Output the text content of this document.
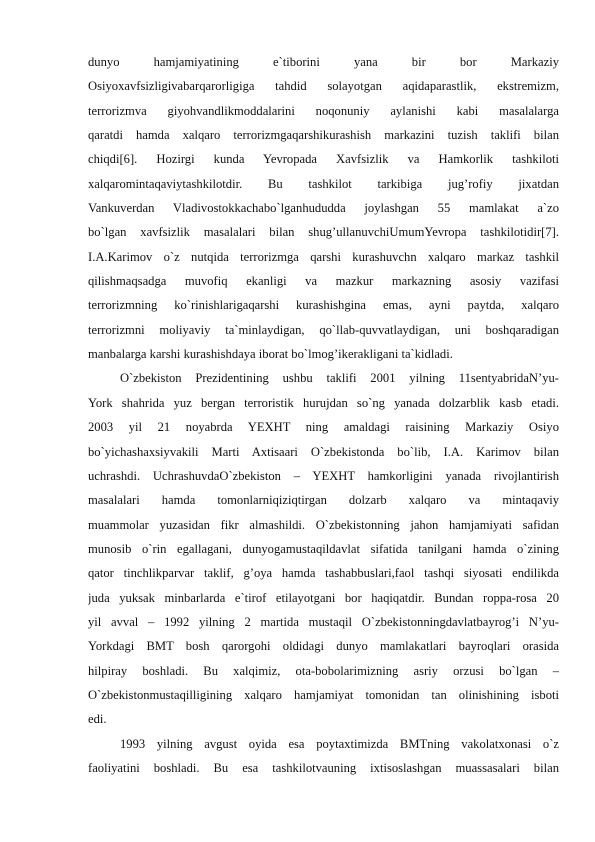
dunyo hamjamiyatining e`tiborini yana bir bor Markaziy
Osiyoxavfsizligivabarqarorligiga tahdid solayotgan aqidaparastlik, ekstremizm,
terrorizmva giyohvandlikmoddalarini noqonuniy aylanishi kabi masalalarga
qaratdi hamda xalqaro terrorizmgaqarshikurashish markazini tuzish taklifi bilan
chiqdi[6]. Hozirgi kunda Yevropada Xavfsizlik va Hamkorlik tashkiloti
xalqaromintaqaviytashkilotdir. Bu tashkilot tarkibiga jug’rofiy jixatdan
Vankuverdan Vladivostokkachabo`lganhududda joylashgan 55 mamlakat a`zo
bo`lgan xavfsizlik masalalari bilan shug’ullanuvchiUmumYevropa tashkilotidir[7].
I.A.Karimov o`z nutqida terrorizmga qarshi kurashuvchn xalqaro markaz tashkil
qilishmaqsadga muvofiq ekanligi va mazkur markazning asosiy vazifasi
terrorizmning ko`rinishlarigaqarshi kurashishgina emas, ayni paytda, xalqaro
terrorizmni moliyaviy ta`minlaydigan, qo`llab-quvvatlaydigan, uni boshqaradigan
manbalarga karshi kurashishdaya iborat bo`lmog’ikerakligani ta`kidladi.
O`zbekiston Prezidentining ushbu taklifi 2001 yilning 11sentyabridaN’yu-
York shahrida yuz bergan terroristik hurujdan so`ng yanada dolzarblik kasb etadi.
2003 yil 21 noyabrda YEXHT ning amaldagi raisining Markaziy Osiyo
bo`yichashaxsiyvakili Marti Axtisaari O`zbekistonda bo`lib, I.A. Karimov bilan
uchrashdi. UchrashuvdaO`zbekiston – YEXHT hamkorligini yanada rivojlantirish
masalalari hamda tomonlarniqiziqtirgan dolzarb xalqaro va mintaqaviy
muammolar yuzasidan fikr almashildi. O`zbekistonning jahon hamjamiyati safidan
munosib o`rin egallagani, dunyogamustaqildavlat sifatida tanilgani hamda o`zining
qator tinchlikparvar taklif, g’oya hamda tashabbuslari,faol tashqi siyosati endilikda
juda yuksak minbarlarda e`tirof etilayotgani bor haqiqatdir. Bundan roppa-rosa 20
yil avval – 1992 yilning 2 martida mustaqil O`zbekistonningdavlatbayrog’i N’yu-
Yorkdagi BMT bosh qarorgohi oldidagi dunyo mamlakatlari bayroqlari orasida
hilpiray boshladi. Bu xalqimiz, ota-bobolarimizning asriy orzusi bo`lgan –
O`zbekistonmustaqilligining xalqaro hamjamiyat tomonidan tan olinishining isboti
edi.
1993 yilning avgust oyida esa poytaxtimizda BMTning vakolatxonasi o`z
faoliyatini boshladi. Bu esa tashkilotvauning ixtisoslashgan muassasalari bilan
